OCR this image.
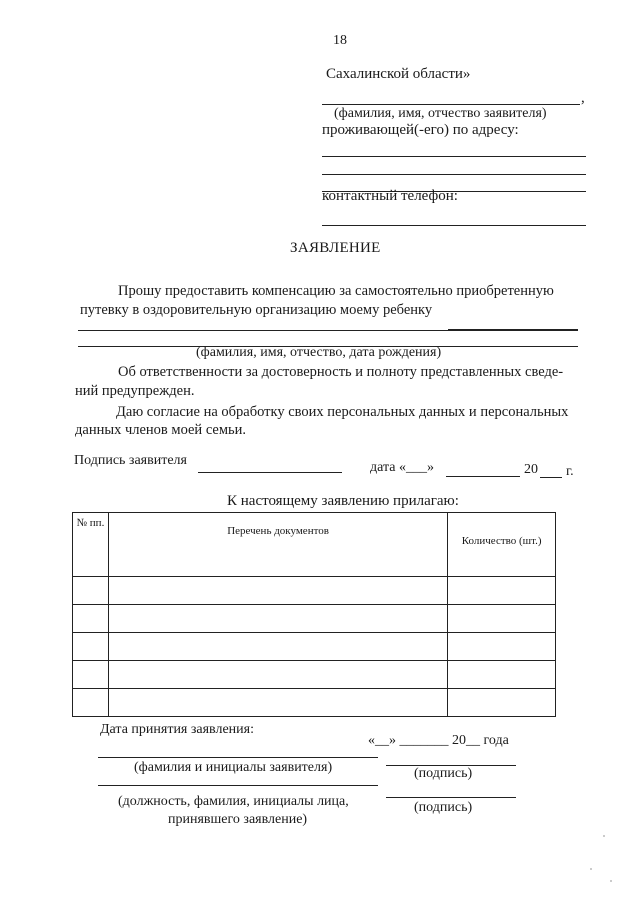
18
Сахалинской области»
,
(фамилия, имя, отчество заявителя)
проживающей(-его) по адресу:
контактный телефон:
ЗАЯВЛЕНИЕ
Прошу предоставить компенсацию за самостоятельно приобретенную
путевку в оздоровительную организацию моему ребенку
(фамилия, имя, отчество, дата рождения)
Об ответственности за достоверность и полноту представленных сведе-
ний предупрежден.
Даю согласие на обработку своих персональных данных и персональных
данных членов моей семьи.
Подпись заявителя	дата «___»	20 г.
К настоящему заявлению прилагаю:
№ пп.	Перечень документов	Количество (шт.)

Дата принятия заявления:
«__» _______ 20__ года
(фамилия и инициалы заявителя)	(подпись)
(должность, фамилия, инициалы лица,
принявшего заявление)
(подпись)
